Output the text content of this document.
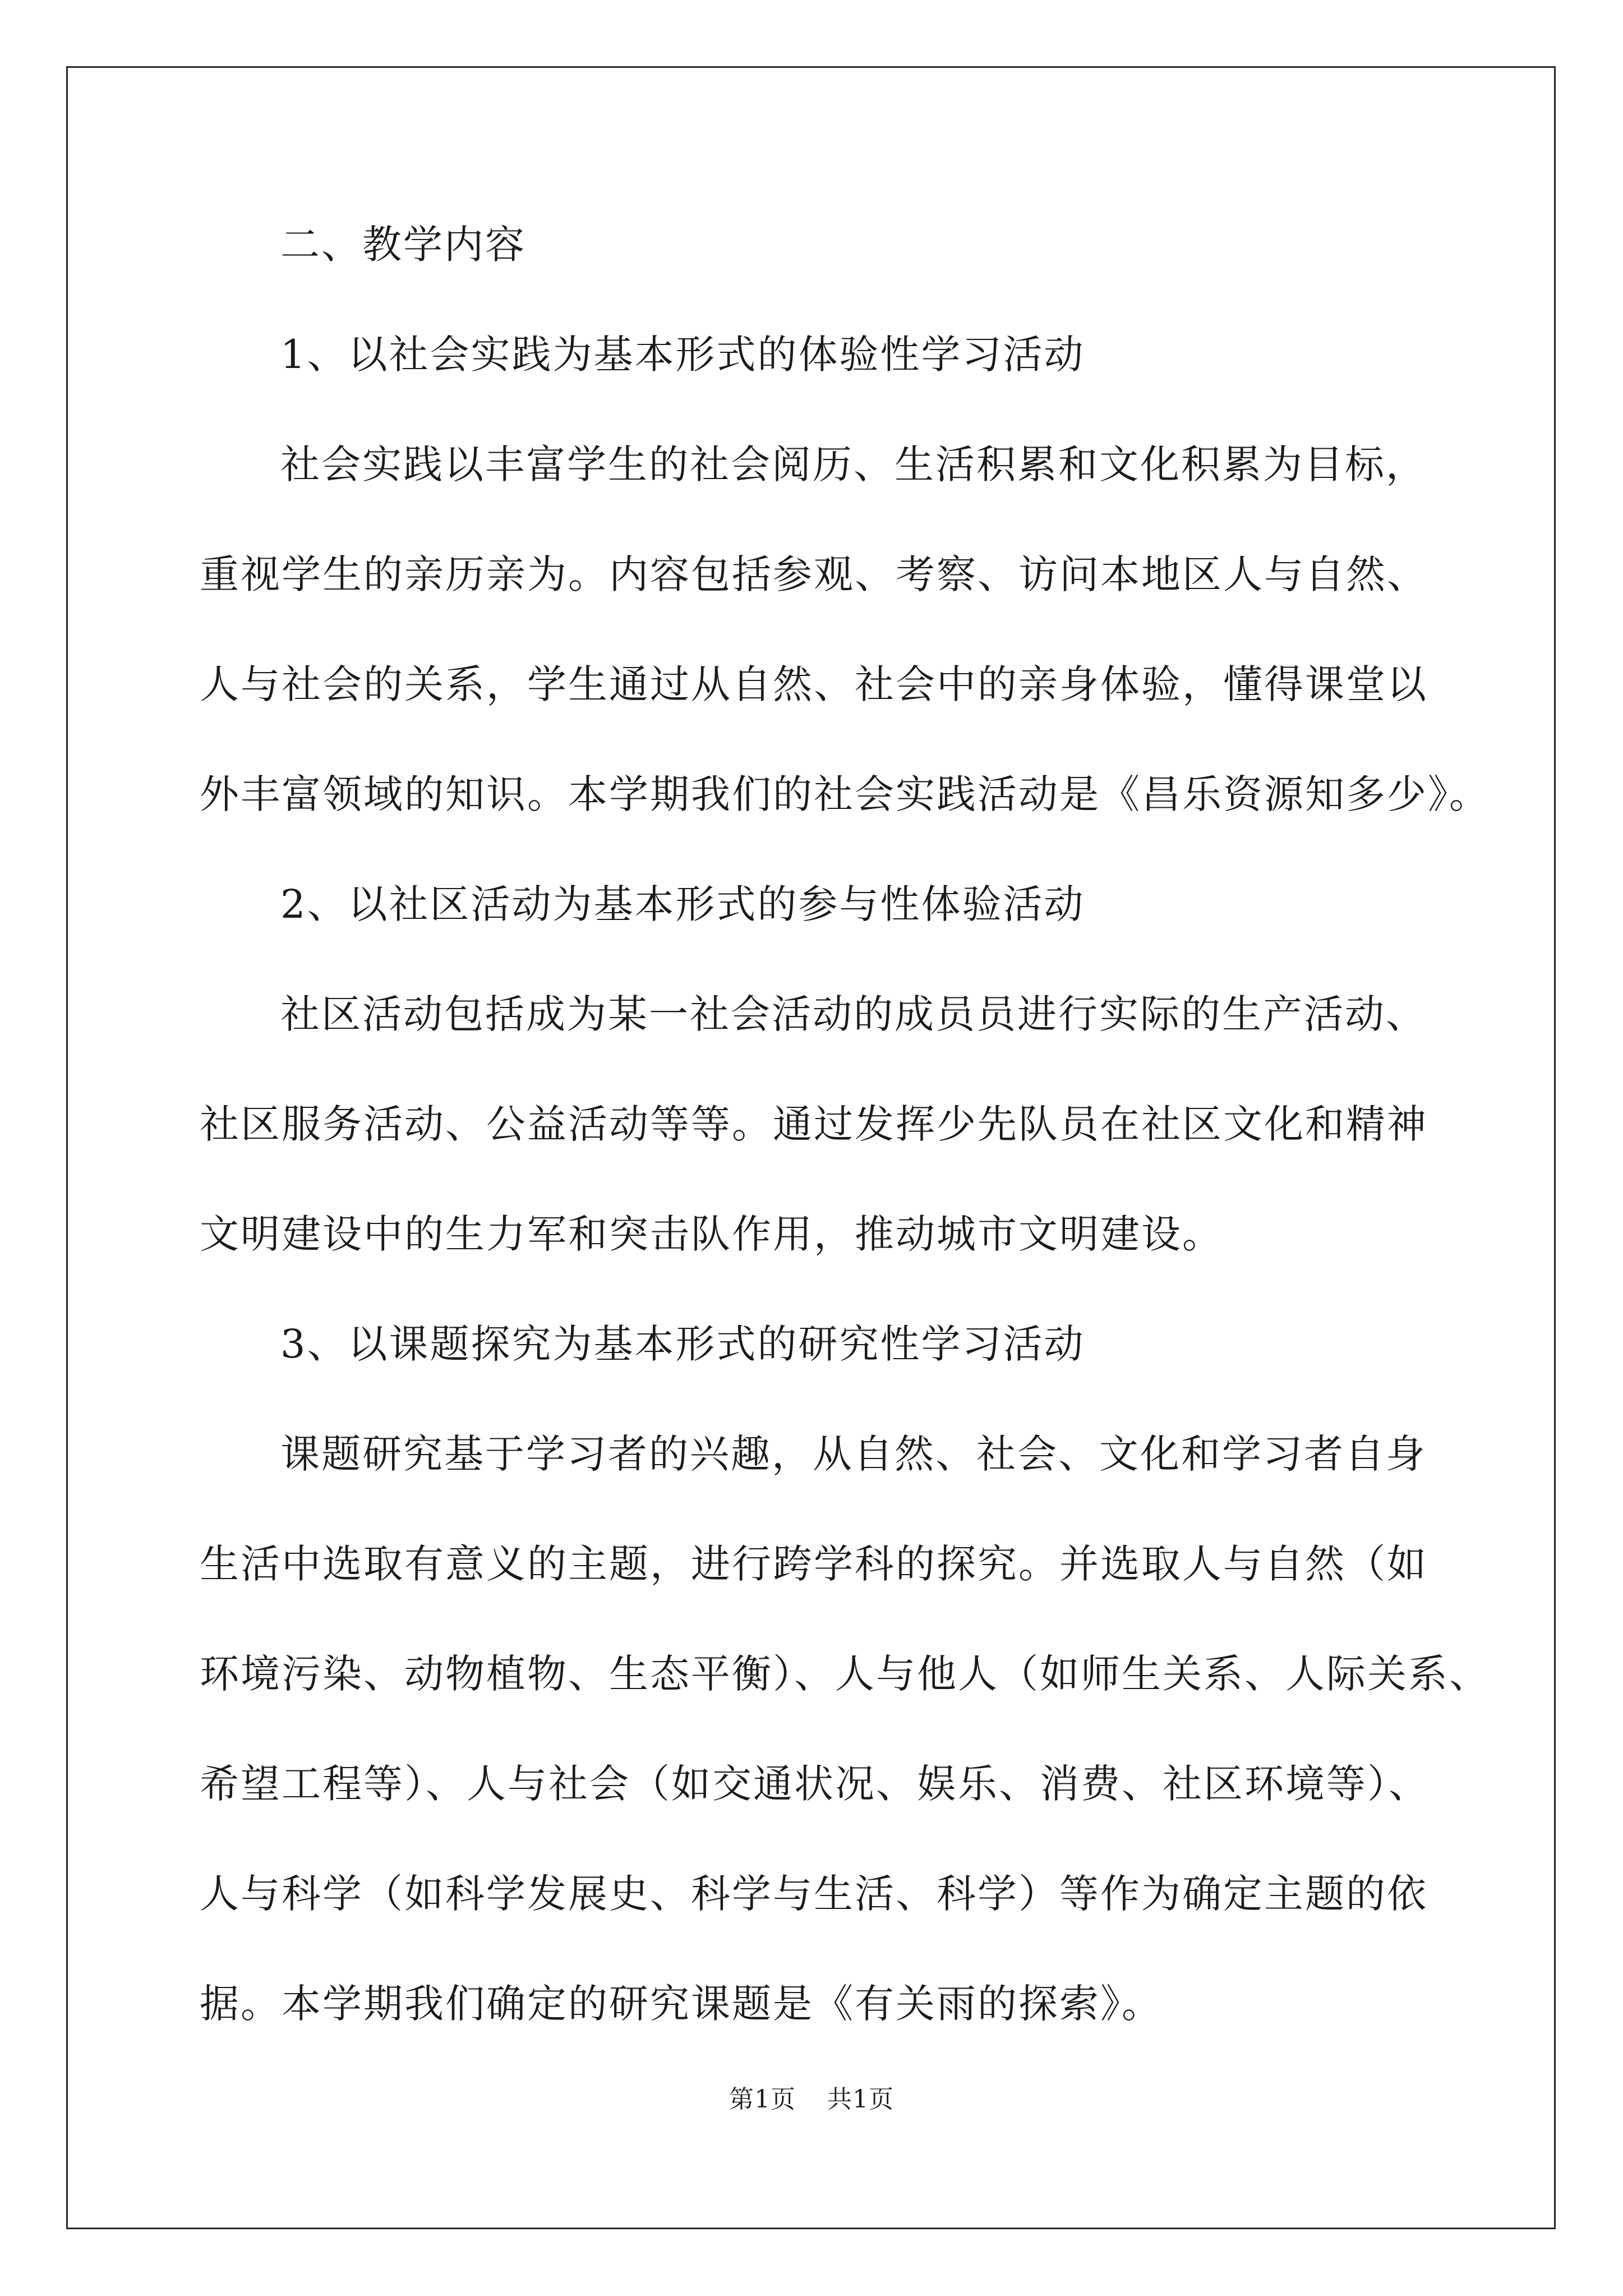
二、教学内容
1、以社会实践为基本形式的体验性学习活动
社会实践以丰富学生的社会阅历、生活积累和文化积累为目标，
重视学生的亲历亲为。内容包括参观、考察、访问本地区人与自然、
人与社会的关系，学生通过从自然、社会中的亲身体验，懂得课堂以
外丰富领域的知识。本学期我们的社会实践活动是《昌乐资源知多少》。
2、以社区活动为基本形式的参与性体验活动
社区活动包括成为某一社会活动的成员员进行实际的生产活动、
社区服务活动、公益活动等等。通过发挥少先队员在社区文化和精神
文明建设中的生力军和突击队作用，推动城市文明建设。
3、以课题探究为基本形式的研究性学习活动
课题研究基于学习者的兴趣，从自然、社会、文化和学习者自身
生活中选取有意义的主题，进行跨学科的探究。并选取人与自然（如
环境污染、动物植物、生态平衡）、人与他人（如师生关系、人际关系、
希望工程等）、人与社会（如交通状况、娱乐、消费、社区环境等）、
人与科学（如科学发展史、科学与生活、科学）等作为确定主题的依
据。本学期我们确定的研究课题是《有关雨的探索》。
第1页 共1页
